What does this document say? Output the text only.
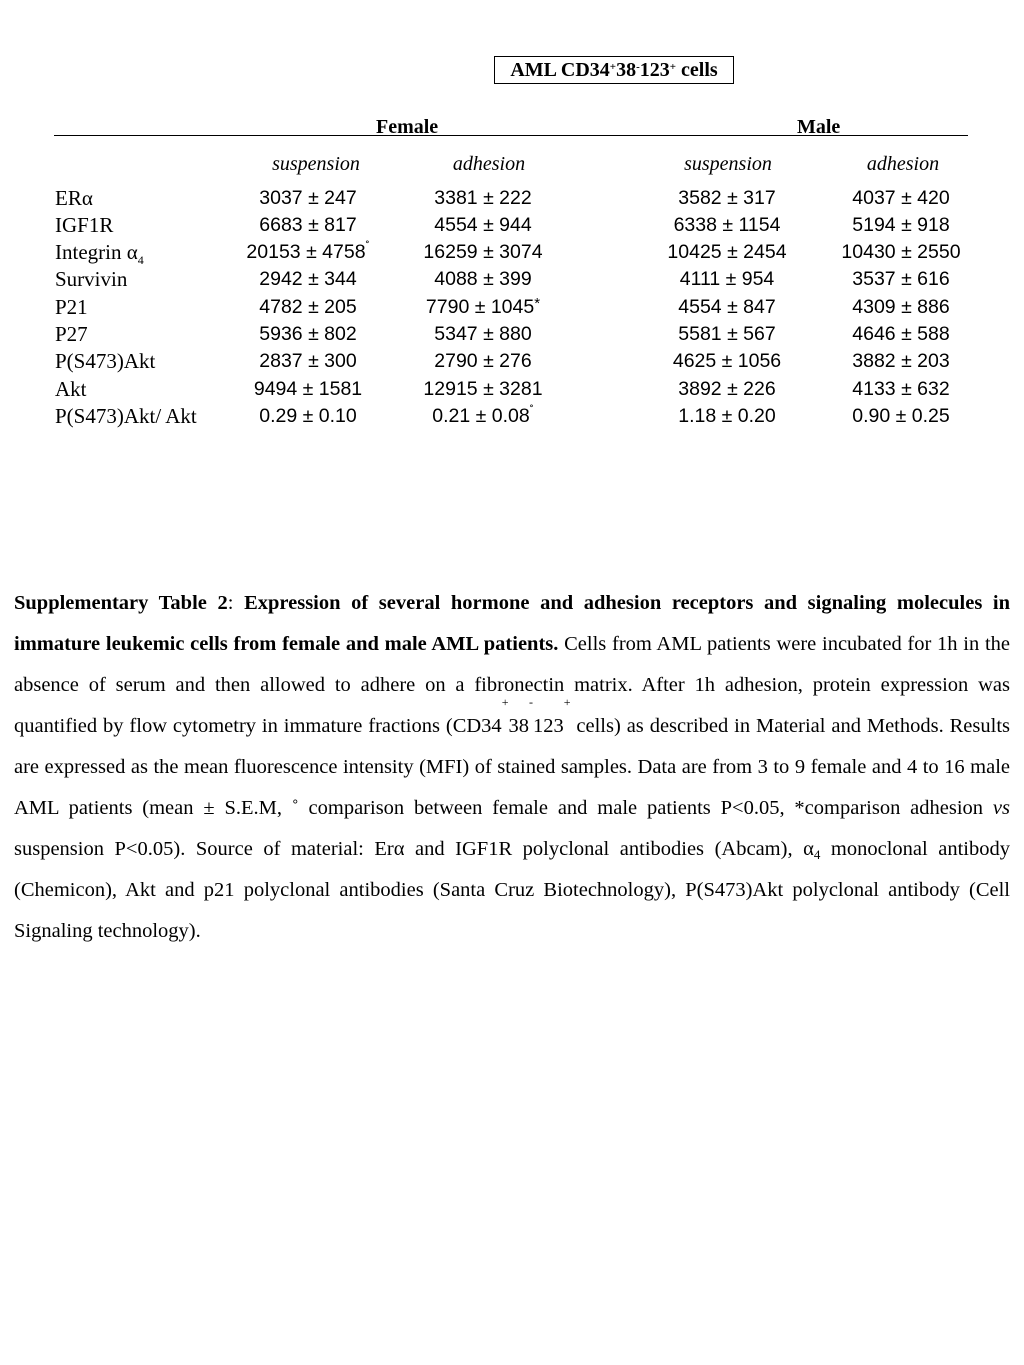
AML CD34+38-123+ cells
Female	Male
suspension	adhesion	suspension	adhesion
ERα	3037 ± 247	3381 ± 222	3582 ± 317	4037 ± 420
IGF1R	6683 ± 817	4554 ± 944	6338 ± 1154	5194 ± 918
Integrin $\alpha_4$	20153 ± 4758˚	16259 ± 3074	10425 ± 2454	10430 ± 2550
Survivin	2942 ± 344	4088 ± 399	4111 ± 954	3537 ± 616
P21	4782 ± 205	7790 ± 1045*	4554 ± 847	4309 ± 886
P27	5936 ± 802	5347 ± 880	5581 ± 567	4646 ± 588
P(S473)Akt	2837 ± 300	2790 ± 276	4625 ± 1056	3882 ± 203
Akt	9494 ± 1581	12915 ± 3281	3892 ± 226	4133 ± 632
P(S473)Akt/ Akt	0.29 ± 0.10	0.21 ± 0.08˚	1.18 ± 0.20	0.90 ± 0.25
Supplementary Table 2: Expression of several hormone and adhesion receptors and signaling molecules in immature leukemic cells from female and male AML patients. Cells from AML patients were incubated for 1h in the absence of serum and then allowed to adhere on a fibronectin matrix. After 1h adhesion, protein expression was quantified by flow cytometry in immature fractions (CD34+38-123+ cells) as described in Material and Methods. Results are expressed as the mean fluorescence intensity (MFI) of stained samples. Data are from 3 to 9 female and 4 to 16 male AML patients (mean ± S.E.M, ˚ comparison between female and male patients P<0.05, *comparison adhesion vs suspension P<0.05). Source of material: Erα and IGF1R polyclonal antibodies (Abcam), α4 monoclonal antibody (Chemicon), Akt and p21 polyclonal antibodies (Santa Cruz Biotechnology), P(S473)Akt polyclonal antibody (Cell Signaling technology).
